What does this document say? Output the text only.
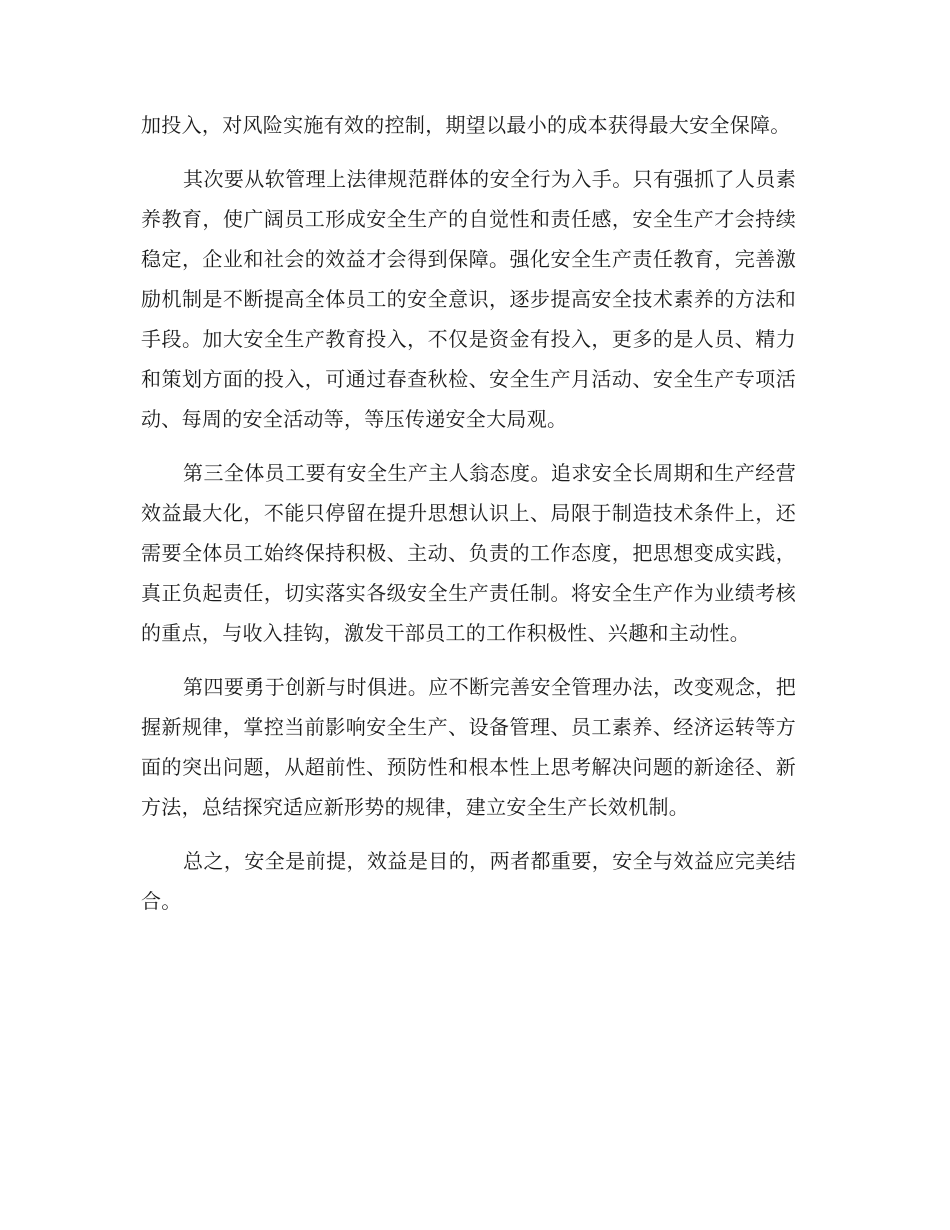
加投入，对风险实施有效的控制，期望以最小的成本获得最大安全保障。

其次要从软管理上法律规范群体的安全行为入手。只有强抓了人员素养教育，使广阔员工形成安全生产的自觉性和责任感，安全生产才会持续稳定，企业和社会的效益才会得到保障。强化安全生产责任教育，完善激励机制是不断提高全体员工的安全意识，逐步提高安全技术素养的方法和手段。加大安全生产教育投入，不仅是资金有投入，更多的是人员、精力和策划方面的投入，可通过春查秋检、安全生产月活动、安全生产专项活动、每周的安全活动等，等压传递安全大局观。

第三全体员工要有安全生产主人翁态度。追求安全长周期和生产经营效益最大化，不能只停留在提升思想认识上、局限于制造技术条件上，还需要全体员工始终保持积极、主动、负责的工作态度，把思想变成实践，真正负起责任，切实落实各级安全生产责任制。将安全生产作为业绩考核的重点，与收入挂钩，激发干部员工的工作积极性、兴趣和主动性。

第四要勇于创新与时俱进。应不断完善安全管理办法，改变观念，把握新规律，掌控当前影响安全生产、设备管理、员工素养、经济运转等方面的突出问题，从超前性、预防性和根本性上思考解决问题的新途径、新方法，总结探究适应新形势的规律，建立安全生产长效机制。

总之，安全是前提，效益是目的，两者都重要，安全与效益应完美结合。
